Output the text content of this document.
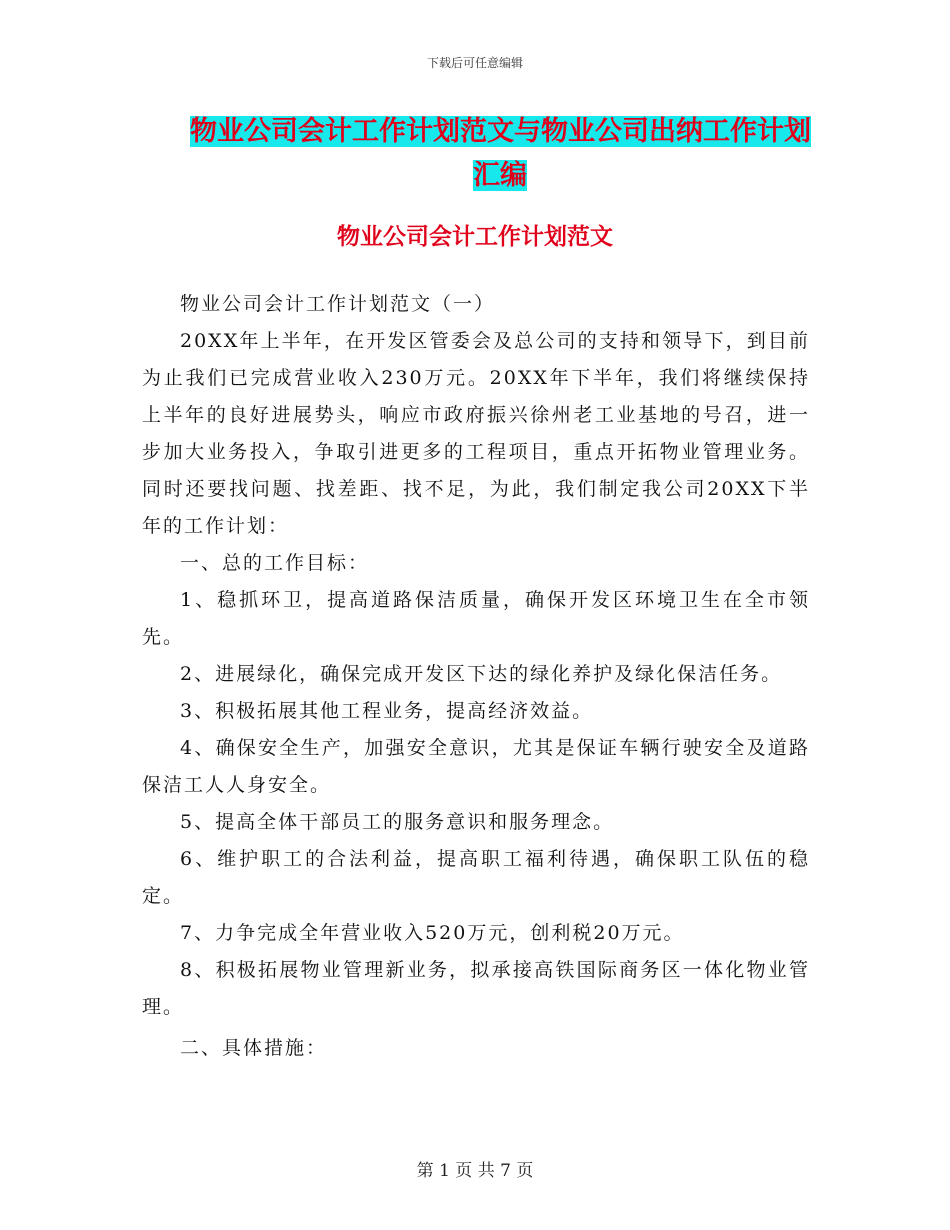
下载后可任意编辑
物业公司会计工作计划范文与物业公司出纳工作计划
汇编
物业公司会计工作计划范文

物业公司会计工作计划范文（一）

20XX年上半年，在开发区管委会及总公司的支持和领导下，到目前为止我们已完成营业收入230万元。20XX年下半年，我们将继续保持上半年的良好进展势头，响应市政府振兴徐州老工业基地的号召，进一步加大业务投入，争取引进更多的工程项目，重点开拓物业管理业务。同时还要找问题、找差距、找不足，为此，我们制定我公司20XX下半年的工作计划：

一、总的工作目标：

1、稳抓环卫，提高道路保洁质量，确保开发区环境卫生在全市领先。

2、进展绿化，确保完成开发区下达的绿化养护及绿化保洁任务。

3、积极拓展其他工程业务，提高经济效益。

4、确保安全生产，加强安全意识，尤其是保证车辆行驶安全及道路保洁工人人身安全。

5、提高全体干部员工的服务意识和服务理念。

6、维护职工的合法利益，提高职工福利待遇，确保职工队伍的稳定。

7、力争完成全年营业收入520万元，创利税20万元。

8、积极拓展物业管理新业务，拟承接高铁国际商务区一体化物业管理。

二、具体措施：

第 1 页 共 7 页
